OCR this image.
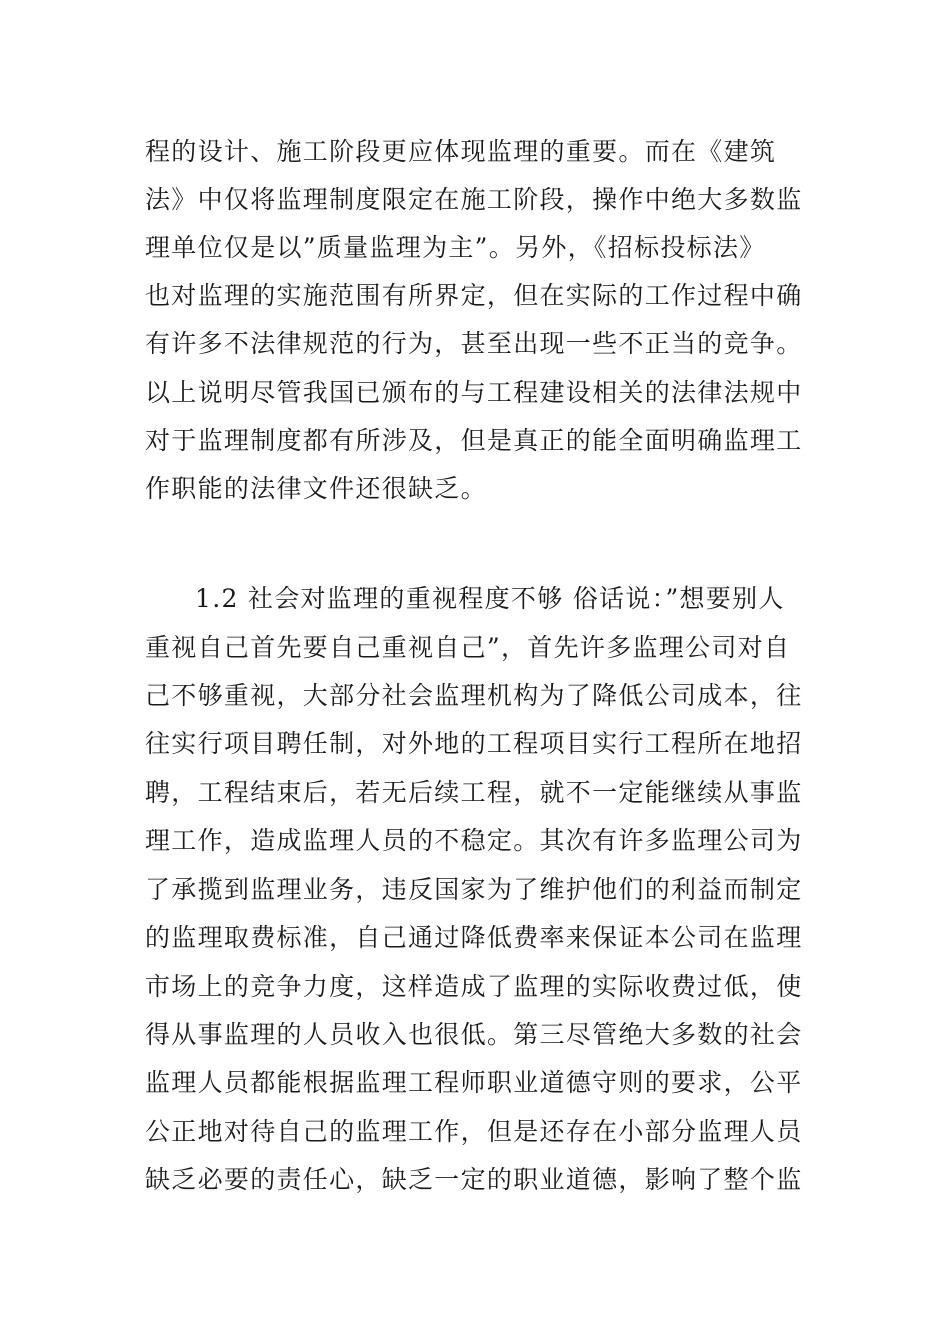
程的设计、施工阶段更应体现监理的重要。而在《建筑
法》中仅将监理制度限定在施工阶段，操作中绝大多数监
理单位仅是以”质量监理为主”。另外，《招标投标法》
也对监理的实施范围有所界定，但在实际的工作过程中确
有许多不法律规范的行为，甚至出现一些不正当的竞争。
以上说明尽管我国已颁布的与工程建设相关的法律法规中
对于监理制度都有所涉及，但是真正的能全面明确监理工
作职能的法律文件还很缺乏。
1.2 社会对监理的重视程度不够 俗话说：”想要别人
重视自己首先要自己重视自己”，首先许多监理公司对自
己不够重视，大部分社会监理机构为了降低公司成本，往
往实行项目聘任制，对外地的工程项目实行工程所在地招
聘，工程结束后，若无后续工程，就不一定能继续从事监
理工作，造成监理人员的不稳定。其次有许多监理公司为
了承揽到监理业务，违反国家为了维护他们的利益而制定
的监理取费标准，自己通过降低费率来保证本公司在监理
市场上的竞争力度，这样造成了监理的实际收费过低，使
得从事监理的人员收入也很低。第三尽管绝大多数的社会
监理人员都能根据监理工程师职业道德守则的要求，公平
公正地对待自己的监理工作，但是还存在小部分监理人员
缺乏必要的责任心，缺乏一定的职业道德，影响了整个监
